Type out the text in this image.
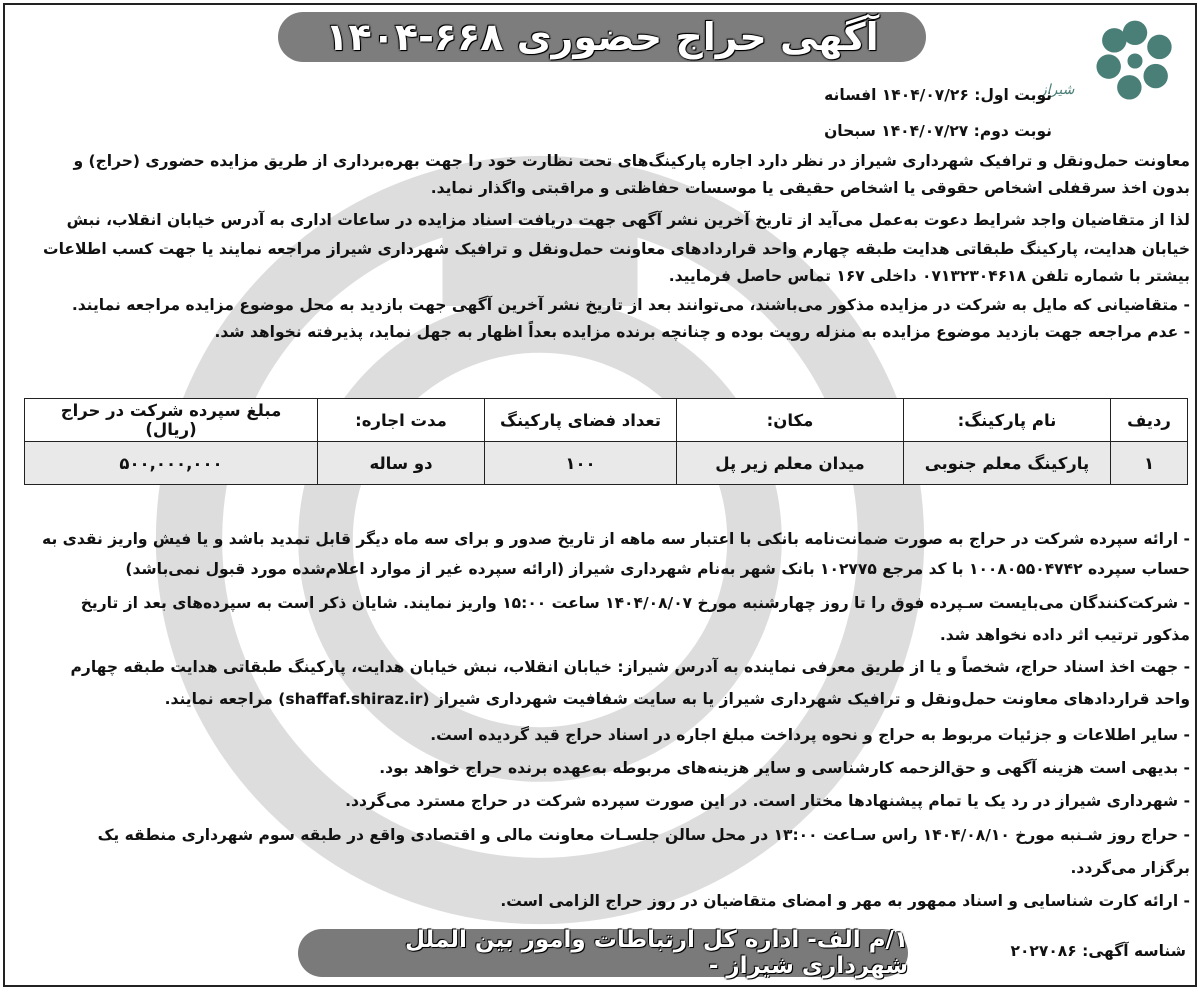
آگهی حراج حضوری ۶۶۸-۱۴۰۴
شیراز
نوبت اول: ۱۴۰۴/۰۷/۲۶ افسانه
نوبت دوم: ۱۴۰۴/۰۷/۲۷ سبحان
معاونت حمل‌ونقل و ترافیک شهرداری شیراز در نظر دارد اجاره پارکینگ‌های تحت نظارت خود را جهت بهره‌برداری از طریق مزایده حضوری (حراج) و
بدون اخذ سرقفلی اشخاص حقوقی یا اشخاص حقیقی یا موسسات حفاظتی و مراقبتی واگذار نماید.
لذا از متقاضیان واجد شرایط دعوت به‌عمل می‌آید از تاریخ آخرین نشر آگهی جهت دریافت اسناد مزایده در ساعات اداری به آدرس خیابان انقلاب، نبش
خیابان هدایت، پارکینگ طبقاتی هدایت طبقه چهارم واحد قراردادهای معاونت حمل‌ونقل و ترافیک شهرداری شیراز مراجعه نمایند یا جهت کسب اطلاعات
بیشتر با شماره تلفن ۰۷۱۳۲۳۰۴۶۱۸ داخلی ۱۶۷ تماس حاصل فرمایید.
- متقاضیانی که مایل به شرکت در مزایده مذکور می‌باشند، می‌توانند بعد از تاریخ نشر آخرین آگهی جهت بازدید به محل موضوع مزایده مراجعه نمایند.
- عدم مراجعه جهت بازدید موضوع مزایده به منزله رویت بوده و چنانچه برنده مزایده بعداً اظهار به جهل نماید، پذیرفته نخواهد شد.
ردیف	نام پارکینگ:	مکان:	تعداد فضای پارکینگ	مدت اجاره:	مبلغ سپرده شرکت در حراج (ریال)
۱	پارکینگ معلم جنوبی	میدان معلم زیر پل	۱۰۰	دو ساله	۵۰۰,۰۰۰,۰۰۰
- ارائه سپرده شرکت در حراج به صورت ضمانت‌نامه بانکی با اعتبار سه ماهه از تاریخ صدور و برای سه ماه دیگر قابل تمدید باشد و یا فیش واریز نقدی به
حساب سپرده ۱۰۰۸۰۵۵۰۴۷۴۲ با کد مرجع ۱۰۲۷۷۵ بانک شهر به‌نام شهرداری شیراز (ارائه سپرده غیر از موارد اعلام‌شده مورد قبول نمی‌باشد)
- شرکت‌کنندگان می‌بایست سـپرده فوق را تا روز چهارشنبه مورخ ۱۴۰۴/۰۸/۰۷ ساعت ۱۵:۰۰ واریز نمایند. شایان ذکر است به سپرده‌های بعد از تاریخ
مذکور ترتیب اثر داده نخواهد شد.
- جهت اخذ اسناد حراج، شخصاً و یا از طریق معرفی نماینده به آدرس شیراز: خیابان انقلاب، نبش خیابان هدایت، پارکینگ طبقاتی هدایت طبقه چهارم
واحد قراردادهای معاونت حمل‌ونقل و ترافیک شهرداری شیراز یا به سایت شفافیت شهرداری شیراز (shaffaf.shiraz.ir) مراجعه نمایند.
- سایر اطلاعات و جزئیات مربوط به حراج و نحوه پرداخت مبلغ اجاره در اسناد حراج قید گردیده است.
- بدیهی است هزینه آگهی و حق‌الزحمه کارشناسی و سایر هزینه‌های مربوطه به‌عهده برنده حراج خواهد بود.
- شهرداری شیراز در رد یک یا تمام پیشنهادها مختار است. در این صورت سپرده شرکت در حراج مسترد می‌گردد.
- حراج روز شـنبه مورخ ۱۴۰۴/۰۸/۱۰ راس سـاعت ۱۳:۰۰ در محل سالن جلسـات معاونت مالی و اقتصادی واقع در طبقه سوم شهرداری منطقه یک
برگزار می‌گردد.
- ارائه کارت شناسایی و اسناد ممهور به مهر و امضای متقاضیان در روز حراج الزامی است.
شناسه آگهی: ۲۰۲۷۰۸۶
۱/م الف- اداره کل ارتباطات وامور بین الملل شهرداری شیراز -
